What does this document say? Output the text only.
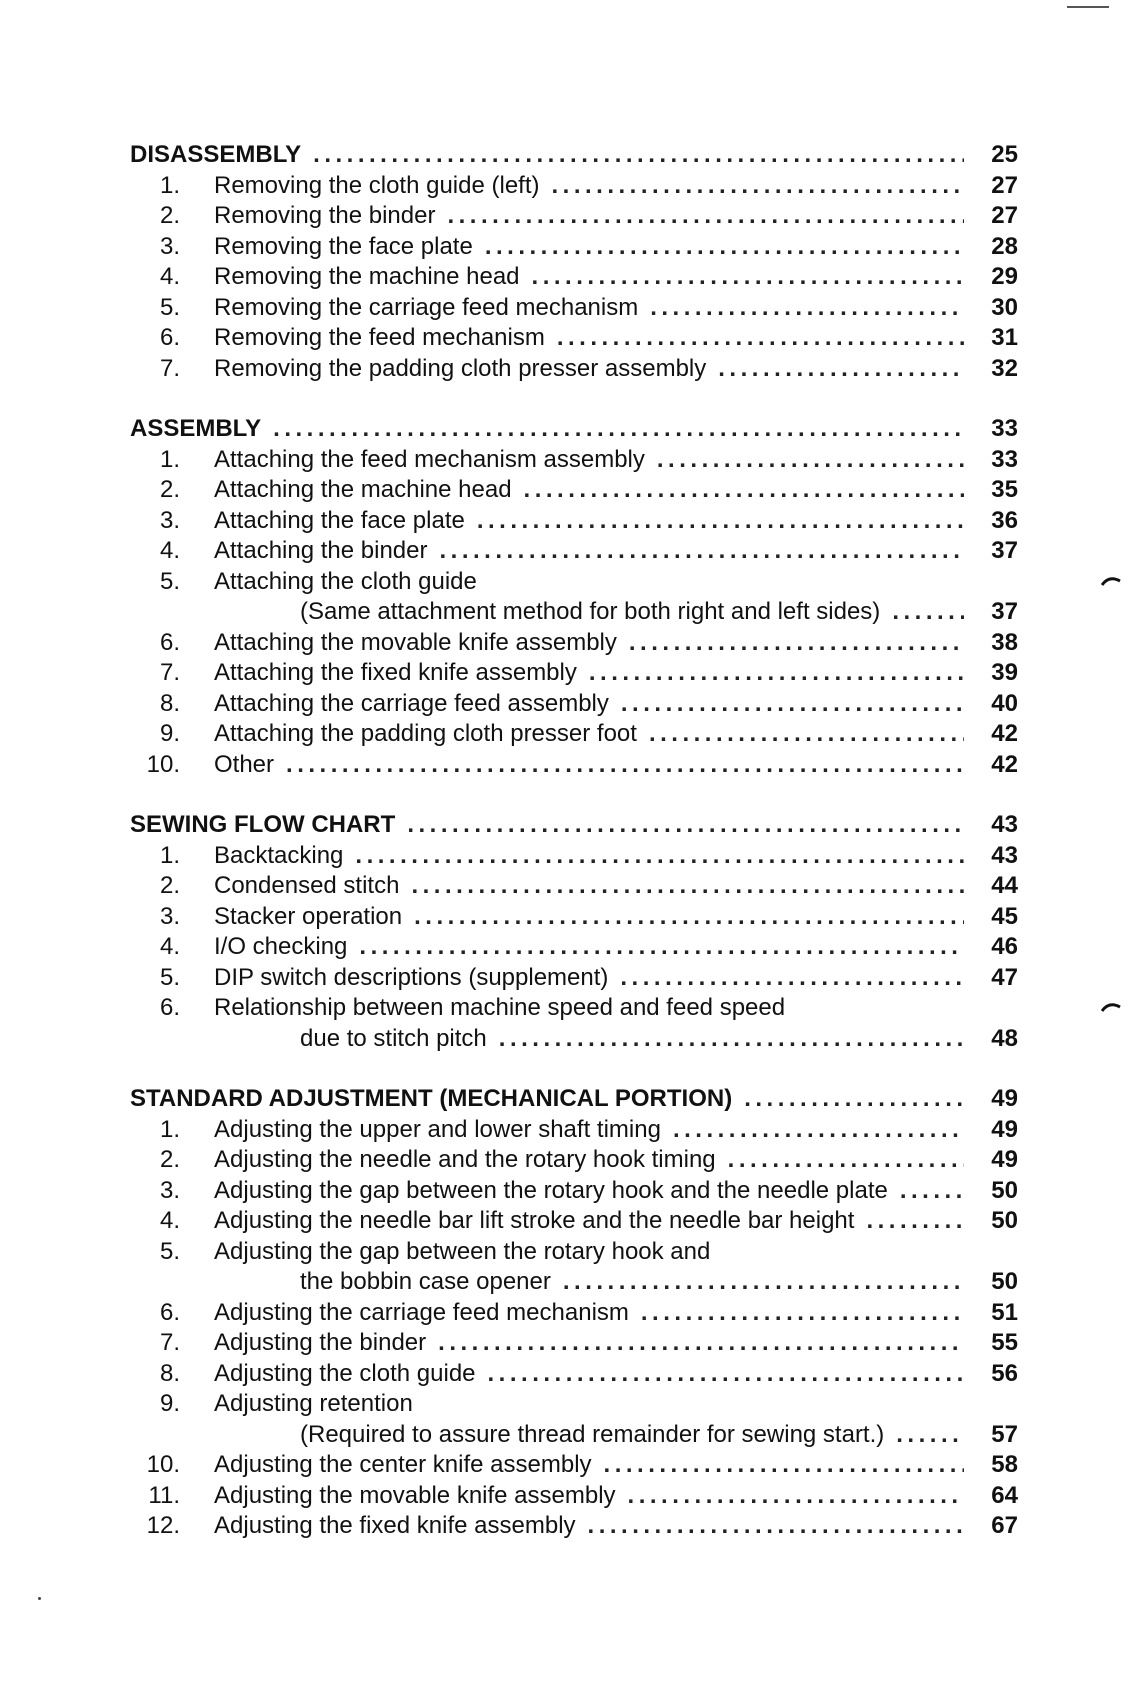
DISASSEMBLY .....	25
1. Removing the cloth guide (left) .....	27
2. Removing the binder .....	27
3. Removing the face plate .....	28
4. Removing the machine head .....	29
5. Removing the carriage feed mechanism .....	30
6. Removing the feed mechanism .....	31
7. Removing the padding cloth presser assembly .....	32
ASSEMBLY .....	33
1. Attaching the feed mechanism assembly .....	33
2. Attaching the machine head .....	35
3. Attaching the face plate .....	36
4. Attaching the binder .....	37
5. Attaching the cloth guide
(Same attachment method for both right and left sides) .....	37
6. Attaching the movable knife assembly .....	38
7. Attaching the fixed knife assembly .....	39
8. Attaching the carriage feed assembly .....	40
9. Attaching the padding cloth presser foot .....	42
10. Other .....	42
SEWING FLOW CHART .....	43
1. Backtacking .....	43
2. Condensed stitch .....	44
3. Stacker operation .....	45
4. I/O checking .....	46
5. DIP switch descriptions (supplement) .....	47
6. Relationship between machine speed and feed speed
due to stitch pitch .....	48
STANDARD ADJUSTMENT (MECHANICAL PORTION) .....	49
1. Adjusting the upper and lower shaft timing .....	49
2. Adjusting the needle and the rotary hook timing .....	49
3. Adjusting the gap between the rotary hook and the needle plate .....	50
4. Adjusting the needle bar lift stroke and the needle bar height .....	50
5. Adjusting the gap between the rotary hook and
the bobbin case opener .....	50
6. Adjusting the carriage feed mechanism .....	51
7. Adjusting the binder .....	55
8. Adjusting the cloth guide .....	56
9. Adjusting retention
(Required to assure thread remainder for sewing start.) .....	57
10. Adjusting the center knife assembly .....	58
11. Adjusting the movable knife assembly .....	64
12. Adjusting the fixed knife assembly .....	67
